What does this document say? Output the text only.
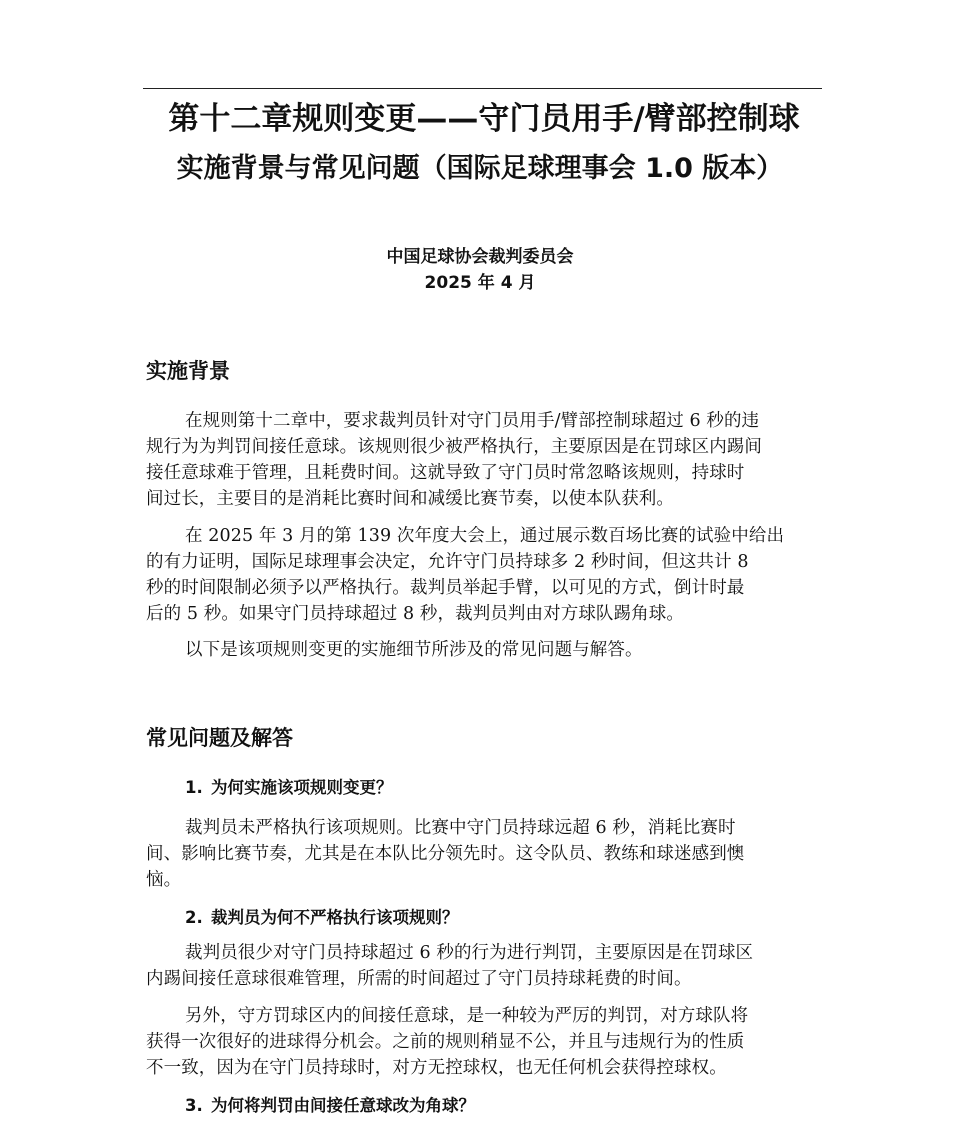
第十二章规则变更——守门员用手/臂部控制球
实施背景与常见问题（国际足球理事会 1.0 版本）
中国足球协会裁判委员会
2025 年 4 月
实施背景
在规则第十二章中，要求裁判员针对守门员用手/臂部控制球超过 6 秒的违
规行为为判罚间接任意球。该规则很少被严格执行，主要原因是在罚球区内踢间
接任意球难于管理，且耗费时间。这就导致了守门员时常忽略该规则，持球时
间过长，主要目的是消耗比赛时间和减缓比赛节奏，以使本队获利。
在 2025 年 3 月的第 139 次年度大会上，通过展示数百场比赛的试验中给出
的有力证明，国际足球理事会决定，允许守门员持球多 2 秒时间，但这共计 8
秒的时间限制必须予以严格执行。裁判员举起手臂，以可见的方式，倒计时最
后的 5 秒。如果守门员持球超过 8 秒，裁判员判由对方球队踢角球。
以下是该项规则变更的实施细节所涉及的常见问题与解答。
常见问题及解答
1. 为何实施该项规则变更？
裁判员未严格执行该项规则。比赛中守门员持球远超 6 秒，消耗比赛时
间、影响比赛节奏，尤其是在本队比分领先时。这令队员、教练和球迷感到懊
恼。
2. 裁判员为何不严格执行该项规则？
裁判员很少对守门员持球超过 6 秒的行为进行判罚，主要原因是在罚球区
内踢间接任意球很难管理，所需的时间超过了守门员持球耗费的时间。
另外，守方罚球区内的间接任意球，是一种较为严厉的判罚，对方球队将
获得一次很好的进球得分机会。之前的规则稍显不公，并且与违规行为的性质
不一致，因为在守门员持球时，对方无控球权，也无任何机会获得控球权。
3. 为何将判罚由间接任意球改为角球？
